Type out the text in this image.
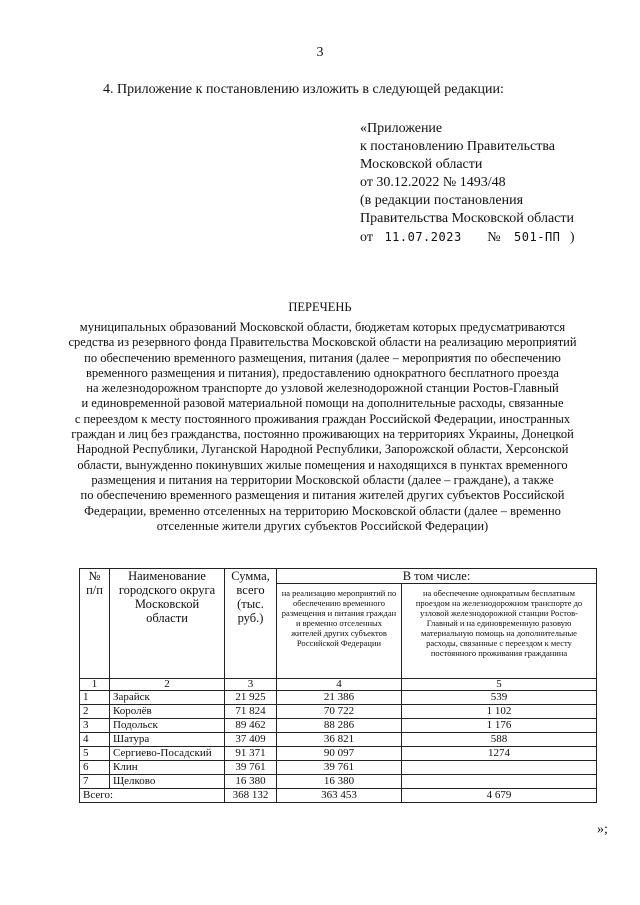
3
4. Приложение к постановлению изложить в следующей редакции:
«Приложение
к постановлению Правительства
Московской области
от 30.12.2022 № 1493/48
(в редакции постановления
Правительства Московской области
от 11.07.2023 № 501-ПП )
ПЕРЕЧЕНЬ
муниципальных образований Московской области, бюджетам которых предусматриваются
средства из резервного фонда Правительства Московской области на реализацию мероприятий
по обеспечению временного размещения, питания (далее – мероприятия по обеспечению
временного размещения и питания), предоставлению однократного бесплатного проезда
на железнодорожном транспорте до узловой железнодорожной станции Ростов-Главный
и единовременной разовой материальной помощи на дополнительные расходы, связанные
с переездом к месту постоянного проживания граждан Российской Федерации, иностранных
граждан и лиц без гражданства, постоянно проживающих на территориях Украины, Донецкой
Народной Республики, Луганской Народной Республики, Запорожской области, Херсонской
области, вынужденно покинувших жилые помещения и находящихся в пунктах временного
размещения и питания на территории Московской области (далее – граждане), а также
по обеспечению временного размещения и питания жителей других субъектов Российской
Федерации, временно отселенных на территорию Московской области (далее – временно
отселенные жители других субъектов Российской Федерации)
№ п/п	Наименование городского округа Московской области	Сумма, всего (тыс. руб.)	В том числе:	
			на реализацию мероприятий по обеспечению временного размещения и питания граждан и временно отселенных жителей других субъектов Российской Федерации	на обеспечение однократным бесплатным проездом на железнодорожном транспорте до узловой железнодорожной станции Ростов-Главный и на единовременную разовую материальную помощь на дополнительные расходы, связанные с переездом к месту постоянного проживания гражданина
1	2	3	4	5
1	Зарайск	21 925	21 386	539
2	Королёв	71 824	70 722	1 102
3	Подольск	89 462	88 286	1 176
4	Шатура	37 409	36 821	588
5	Сергиево-Посадский	91 371	90 097	1274
6	Клин	39 761	39 761	
7	Щелково	16 380	16 380	
Всего:		368 132	363 453	4 679
»;
